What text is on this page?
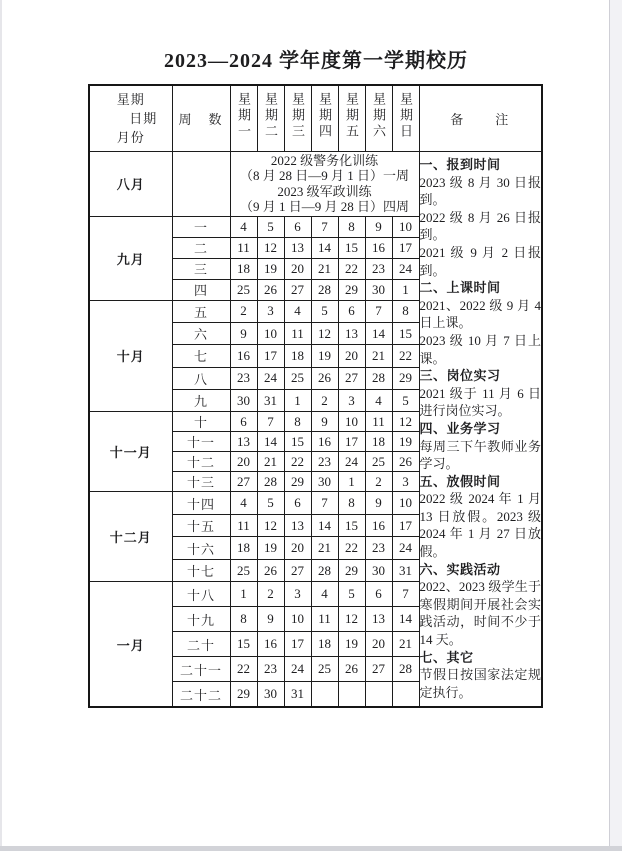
2023—2024 学年度第一学期校历
星期
日期
月份	周　数	星期一	星期二	星期三	星期四	星期五	星期六	星期日	备　　注
八月		
2022 级警务化训练
（8 月 28 日—9 月 1 日）一周
2023 级军政训练
（9 月 1 日—9 月 28 日）四周

一、报到时间
2023 级 8 月 30 日报到。
2022 级 8 月 26 日报到。
2021 级 9 月 2 日报到。
二、上课时间
2021、2022 级 9 月 4 日上课。
2023 级 10 月 7 日上课。
三、岗位实习
2021 级于 11 月 6 日进行岗位实习。
四、业务学习
每周三下午教师业务学习。
五、放假时间
2022 级 2024 年 1 月 13 日放假。2023 级 2024 年 1 月 27 日放假。
六、实践活动
2022、2023 级学生于寒假期间开展社会实践活动，时间不少于 14 天。
七、其它
节假日按国家法定规定执行。

九月	一	4	5	6	7	8	9	10	
	二	11	12	13	14	15	16	17	
	三	18	19	20	21	22	23	24	
	四	25	26	27	28	29	30	1	
十月	五	2	3	4	5	6	7	8	
	六	9	10	11	12	13	14	15	
	七	16	17	18	19	20	21	22	
	八	23	24	25	26	27	28	29	
	九	30	31	1	2	3	4	5	
十一月	十	6	7	8	9	10	11	12	
	十一	13	14	15	16	17	18	19	
	十二	20	21	22	23	24	25	26	
	十三	27	28	29	30	1	2	3	
十二月	十四	4	5	6	7	8	9	10	
	十五	11	12	13	14	15	16	17	
	十六	18	19	20	21	22	23	24	
	十七	25	26	27	28	29	30	31	
一月	十八	1	2	3	4	5	6	7	
	十九	8	9	10	11	12	13	14	
	二十	15	16	17	18	19	20	21	
	二十一	22	23	24	25	26	27	28	
	二十二	29	30	31					
